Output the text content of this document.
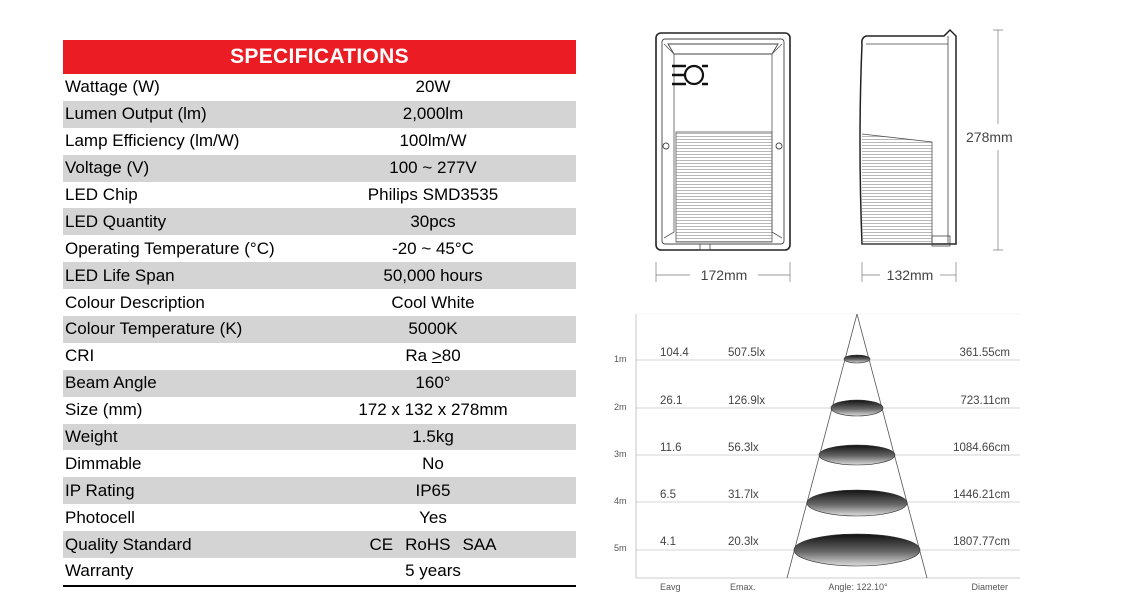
SPECIFICATIONS
Wattage (W)	20W
Lumen Output (lm)	2,000lm
Lamp Efficiency (lm/W)	100lm/W
Voltage (V)	100 ~ 277V
LED Chip	Philips SMD3535
LED Quantity	30pcs
Operating Temperature (°C)	-20 ~ 45°C
LED Life Span	50,000 hours
Colour Description	Cool White
Colour Temperature (K)	5000K
CRI	Ra >80
Beam Angle	160°
Size (mm)	172 x 132 x 278mm
Weight	1.5kg
Dimmable	No
IP Rating	IP65
Photocell	Yes
Quality Standard	CE RoHS SAA
Warranty	5 years
172mm	132mm
278mm
1m	104.4	507.5lx	361.55cm
2m	26.1	126.9lx	723.11cm
3m	11.6	56.3lx	1084.66cm
4m	6.5	31.7lx	1446.21cm
5m	4.1	20.3lx	1807.77cm
Eavg	Emax.	Angle: 122.10°	Diameter
